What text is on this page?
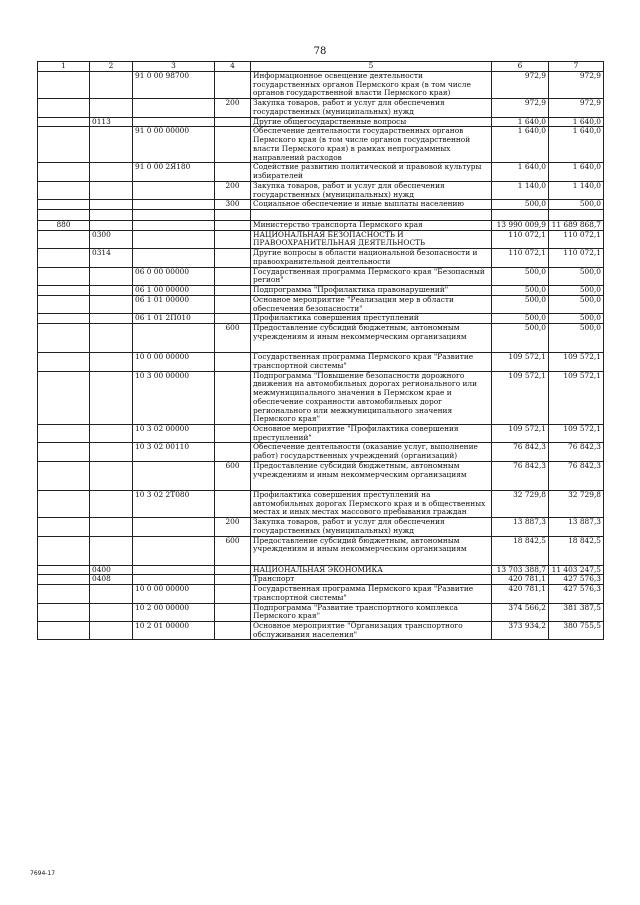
78
1	2	3	4	5	6	7
		91 0 00 98700		Информационное освещение деятельности государственных органов Пермского края (в том числе органов государственной власти Пермского края)	972,9	972,9
			200	Закупка товаров, работ и услуг для обеспечения государственных (муниципальных) нужд	972,9	972,9
	0113			Другие общегосударственные вопросы	1 640,0	1 640,0
		91 0 00 00000		Обеспечение деятельности государственных органов Пермского края (в том числе органов государственной власти Пермского края) в рамках непрограммных направлений расходов	1 640,0	1 640,0
		91 0 00 2Я180		Содействие развитию политической и правовой культуры избирателей	1 640,0	1 640,0
			200	Закупка товаров, работ и услуг для обеспечения государственных (муниципальных) нужд	1 140,0	1 140,0
			300	Социальное обеспечение и иные выплаты населению	500,0	500,0

880				Министерство транспорта Пермского края	13 990 009,9	11 689 868,7
	0300			НАЦИОНАЛЬНАЯ БЕЗОПАСНОСТЬ И ПРАВООХРАНИТЕЛЬНАЯ ДЕЯТЕЛЬНОСТЬ	110 072,1	110 072,1
	0314			Другие вопросы в области национальной безопасности и правоохранительной деятельности	110 072,1	110 072,1
		06 0 00 00000		Государственная программа Пермского края "Безопасный регион"	500,0	500,0
		06 1 00 00000		Подпрограмма "Профилактика правонарушений"	500,0	500,0
		06 1 01 00000		Основное мероприятие "Реализация мер в области обеспечения безопасности"	500,0	500,0
		06 1 01 2П010		Профилактика совершения преступлений	500,0	500,0
			600	Предоставление субсидий бюджетным, автономным учреждениям и иным некоммерческим организациям	500,0	500,0
		10 0 00 00000		Государственная программа Пермского края "Развитие транспортной системы"	109 572,1	109 572,1
		10 3 00 00000		Подпрограмма "Повышение безопасности дорожного движения на автомобильных дорогах регионального или межмуниципального значения в Пермском крае и обеспечение сохранности автомобильных дорог регионального или межмуниципального значения Пермского края"	109 572,1	109 572,1
		10 3 02 00000		Основное мероприятие "Профилактика совершения преступлений"	109 572,1	109 572,1
		10 3 02 00110		Обеспечение деятельности (оказание услуг, выполнение работ) государственных учреждений (организаций)	76 842,3	76 842,3
			600	Предоставление субсидий бюджетным, автономным учреждениям и иным некоммерческим организациям	76 842,3	76 842,3
		10 3 02 2Т080		Профилактика совершения преступлений на автомобильных дорогах Пермского края и в общественных местах и иных местах массового пребывания граждан	32 729,8	32 729,8
			200	Закупка товаров, работ и услуг для обеспечения государственных (муниципальных) нужд	13 887,3	13 887,3
			600	Предоставление субсидий бюджетным, автономным учреждениям и иным некоммерческим организациям	18 842,5	18 842,5
	0400			НАЦИОНАЛЬНАЯ ЭКОНОМИКА	13 703 388,7	11 403 247,5
	0408			Транспорт	420 781,1	427 576,3
		10 0 00 00000		Государственная программа Пермского края "Развитие транспортной системы"	420 781,1	427 576,3
		10 2 00 00000		Подпрограмма "Развитие транспортного комплекса Пермского края"	374 566,2	381 387,5
		10 2 01 00000		Основное мероприятие "Организация транспортного обслуживания населения"	373 934,2	380 755,5
7694-17
